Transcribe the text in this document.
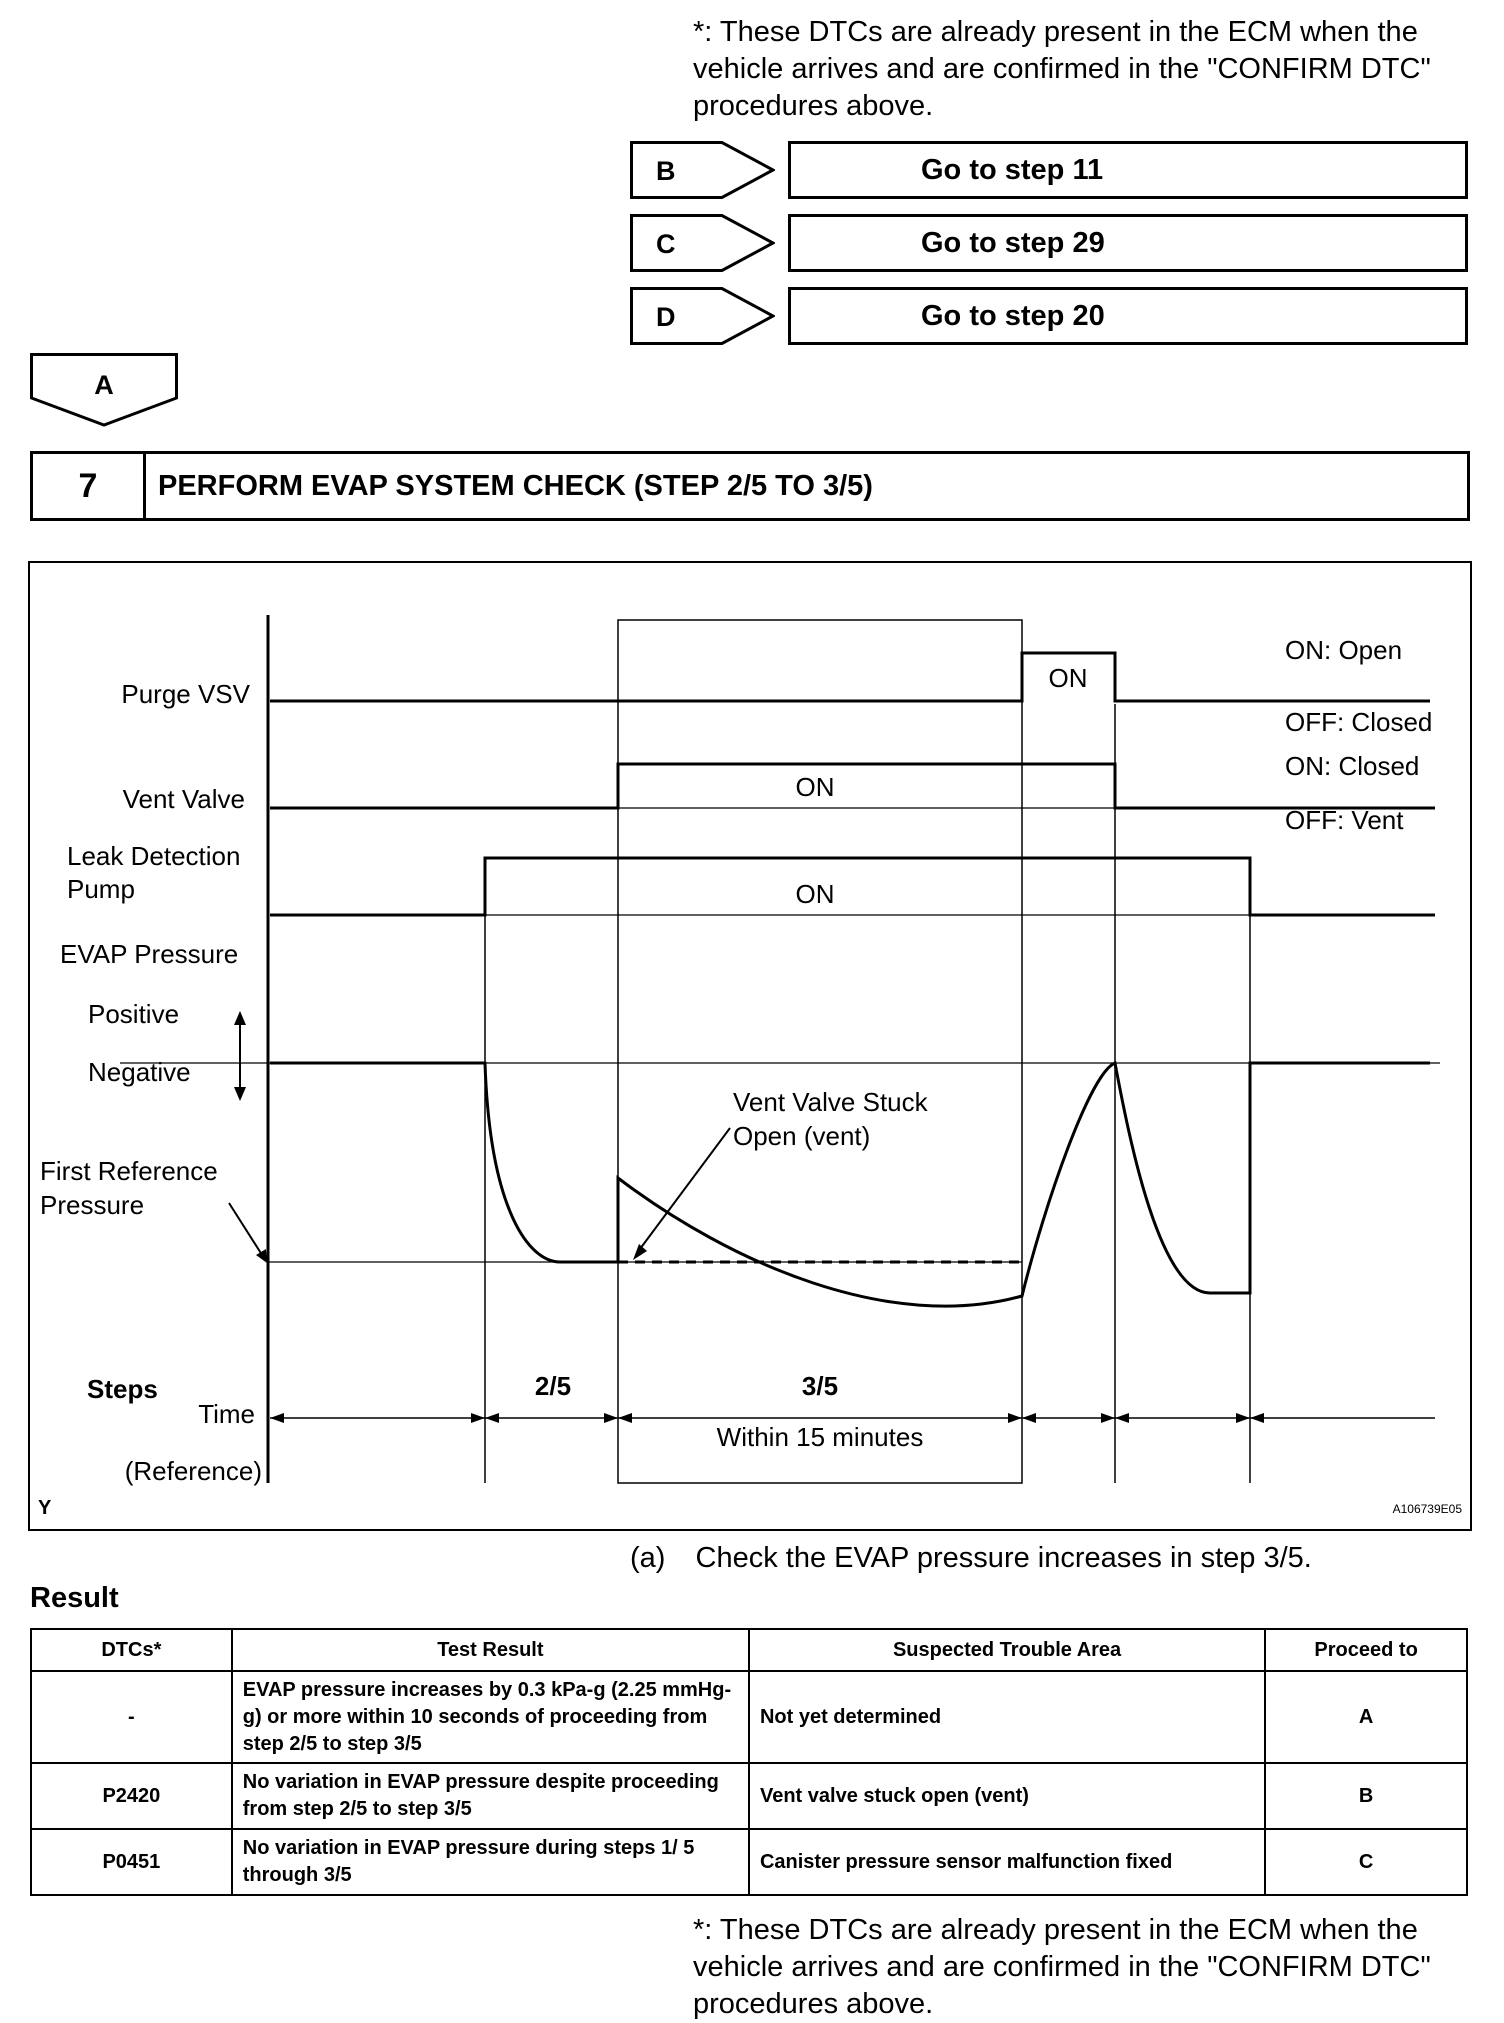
*: These DTCs are already present in the ECM when the vehicle arrives and are confirmed in the "CONFIRM DTC" procedures above.
B	Go to step 11
C	Go to step 29
D	Go to step 20
A
7	PERFORM EVAP SYSTEM CHECK (STEP 2/5 TO 3/5)
Purge VSV
Vent Valve
Leak Detection
Pump
EVAP Pressure
Positive
Negative
First Reference
Pressure
Steps
Time
(Reference)
Y	A106739E05
ON
ON
ON
ON: Open
OFF: Closed
ON: Closed
OFF: Vent
Vent Valve Stuck
Open (vent)
2/5	3/5
Within 15 minutes
(a) Check the EVAP pressure increases in step 3/5.
Result
DTCs*	Test Result	Suspected Trouble Area	Proceed to
-	EVAP pressure increases by 0.3 kPa-g (2.25 mmHg-g) or more within 10 seconds of proceeding from step 2/5 to step 3/5	Not yet determined	A
P2420	No variation in EVAP pressure despite proceeding from step 2/5 to step 3/5	Vent valve stuck open (vent)	B
P0451	No variation in EVAP pressure during steps 1/ 5 through 3/5	Canister pressure sensor malfunction fixed	C
*: These DTCs are already present in the ECM when the vehicle arrives and are confirmed in the "CONFIRM DTC" procedures above.
